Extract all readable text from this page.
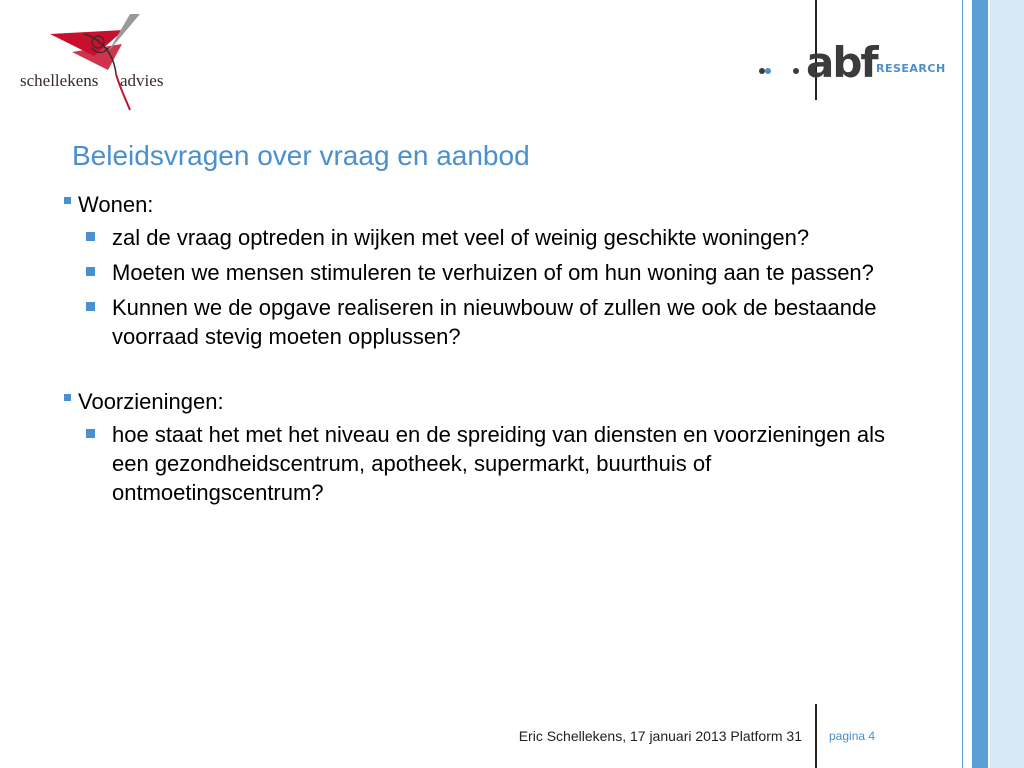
schellekens advies	abf RESEARCH
Beleidsvragen over vraag en aanbod
Wonen:
zal de vraag optreden in wijken met veel of weinig geschikte woningen?
Moeten we mensen stimuleren te verhuizen of om hun woning aan te passen?
Kunnen we de opgave realiseren in nieuwbouw of zullen we ook de bestaande voorraad stevig moeten opplussen?
Voorzieningen:
hoe staat het met het niveau en de spreiding van diensten en voorzieningen als een gezondheidscentrum, apotheek, supermarkt, buurthuis of ontmoetingscentrum?
Eric Schellekens, 17 januari 2013 Platform 31 pagina 4
